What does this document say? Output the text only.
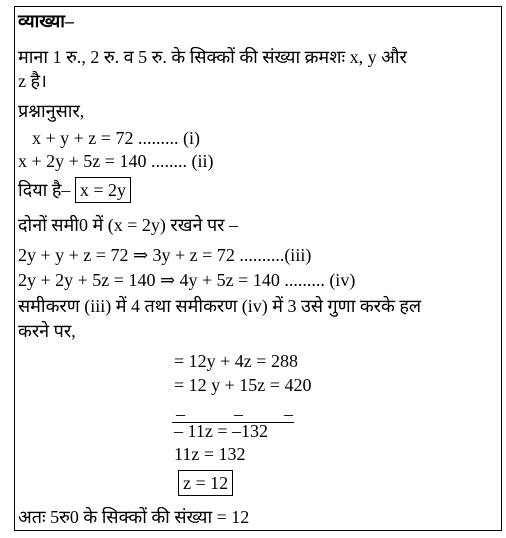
व्याख्या–
माना 1 रु., 2 रु. व 5 रु. के सिक्कों की संख्या क्रमशः x, y और
z है।
प्रश्नानुसार,
x + y + z = 72 ......... (i)
x + 2y + 5z = 140 ........ (ii)
दिया है– x = 2y
दोनों समी0 में (x = 2y) रखने पर –
2y + y + z = 72 ⇒ 3y + z = 72 ..........(iii)
2y + 2y + 5z = 140 ⇒ 4y + 5z = 140 ......... (iv)
समीकरण (iii) में 4 तथा समीकरण (iv) में 3 उसे गुणा करके हल
करने पर,
= 12y + 4z = 288
= 12 y + 15z = 420
–	– –
– 11z = –132
11z = 132
z = 12
अतः 5रु0 के सिक्कों की संख्या = 12
